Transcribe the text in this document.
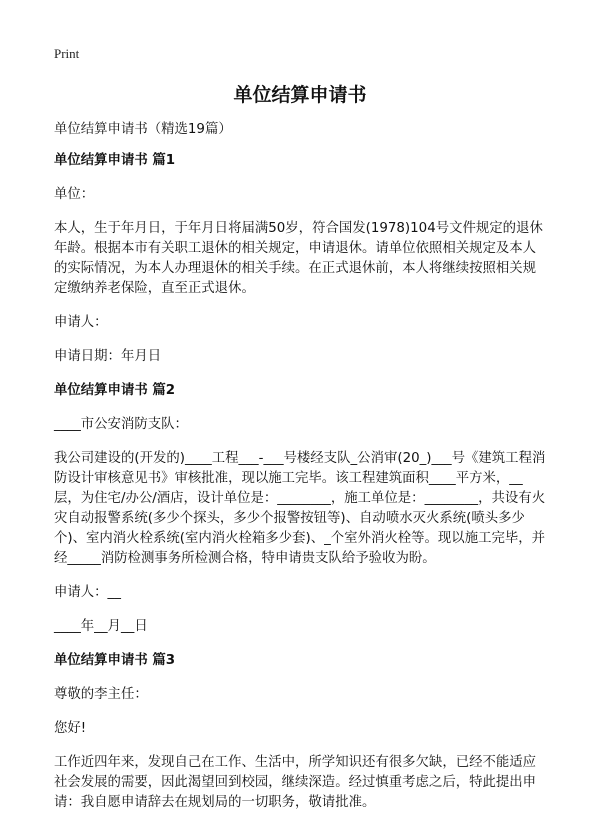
Print
单位结算申请书

单位结算申请书（精选19篇）

单位结算申请书 篇1

单位：

本人，生于年月日，于年月日将届满50岁，符合国发(1978)104号文件规定的退休年龄。根据本市有关职工退休的相关规定，申请退休。请单位依照相关规定及本人的实际情况，为本人办理退休的相关手续。在正式退休前，本人将继续按照相关规定缴纳养老保险，直至正式退休。

申请人：

申请日期：年月日

单位结算申请书 篇2

____市公安消防支队：

我公司建设的(开发的)____工程___-___号楼经支队_公消审(20_)___号《建筑工程消防设计审核意见书》审核批准，现以施工完毕。该工程建筑面积____平方米，__层，为住宅/办公/酒店，设计单位是：________，施工单位是：________，共设有火灾自动报警系统(多少个探头，多少个报警按钮等)、自动喷水灭火系统(喷头多少个)、室内消火栓系统(室内消火栓箱多少套)、_个室外消火栓等。现以施工完毕，并经_____消防检测事务所检测合格，特申请贵支队给予验收为盼。

申请人：__

____年__月__日

单位结算申请书 篇3

尊敬的李主任：

您好!

工作近四年来，发现自己在工作、生活中，所学知识还有很多欠缺，已经不能适应社会发展的需要，因此渴望回到校园，继续深造。经过慎重考虑之后，特此提出申请：我自愿申请辞去在规划局的一切职务，敬请批准。
